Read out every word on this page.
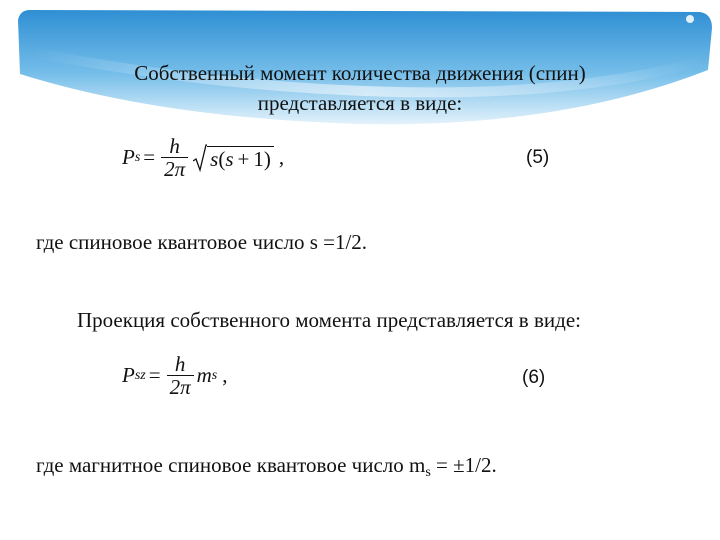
Собственный момент количества движения (спин)
представляется в виде:
P $s = \frac{h}{2\pi} s(s + 1)$ ,	(5)
где спиновое квантовое число s =1/2.
Проекция собственного момента представляется в виде:
P sz = $\frac{h}{2\pi}$ m s ,	(6)
где магнитное спиновое квантовое число ms = ±1/2.
